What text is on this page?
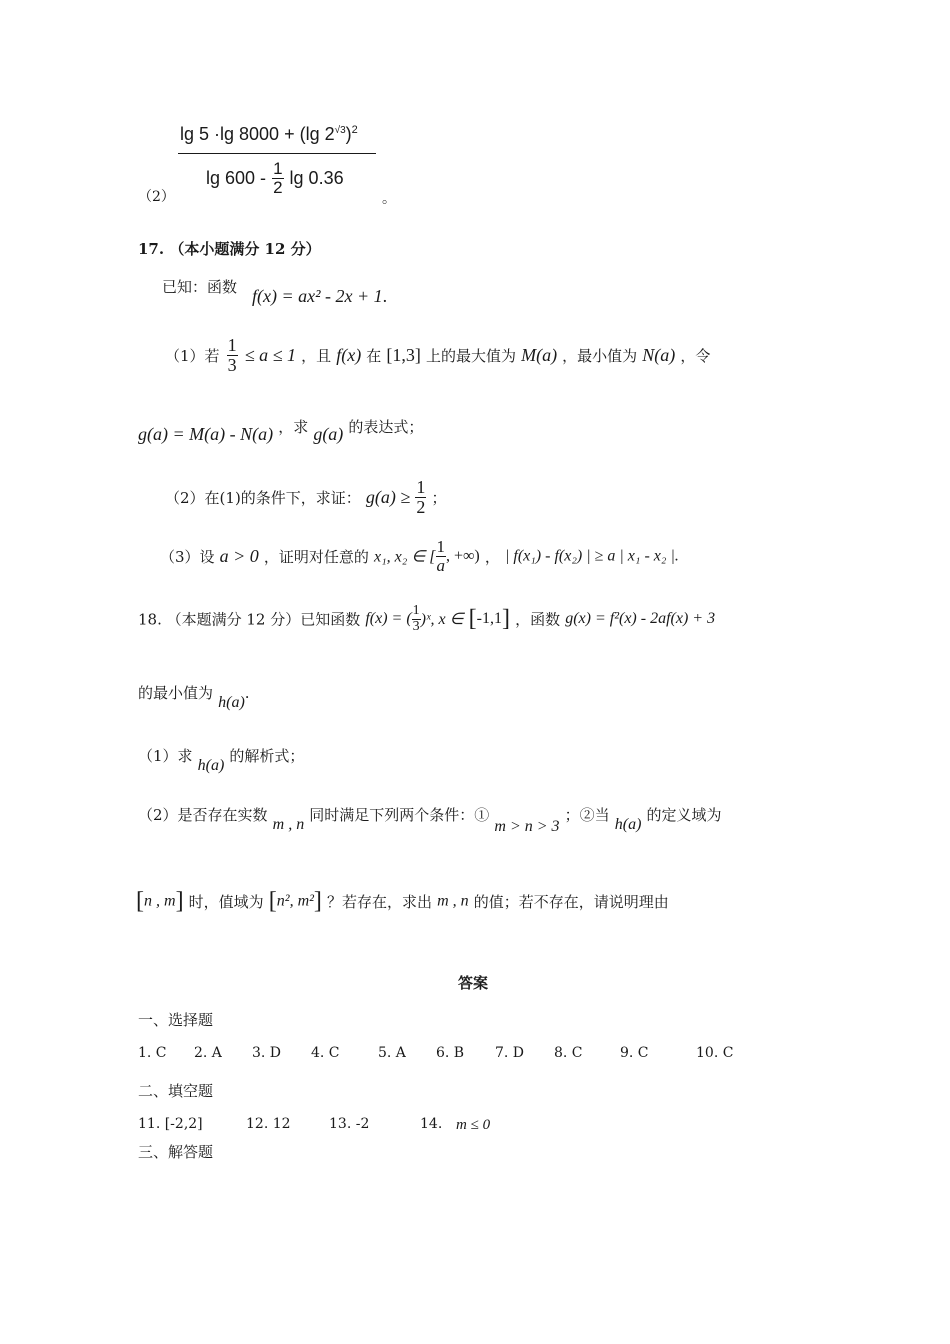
lg 5 ·lg 8000 + (lg $2^{√3})^2$
$\lg 600 - \frac{1}{2}$ lg 0.36
（2）	。
17. （本小题满分 12 分）
已知：函数 f(x) = ax² - 2x + 1.
（1）若 $\frac{1}{3} \le a \le 1$ ，且 f(x) 在 [1,3] 上的最大值为 M(a) ，最小值为 N(a) ，令
g(a) = M(a) - N(a) ，求 g(a) 的表达式；
（2）在(1)的条件下，求证： $g(a) \ge \frac{1}{2}$ ；
（3）设 a > 0 ，证明对任意的 x₁, x₂ ∈ [ $\frac{1}{a}$ , +∞) ， | f(x₁) - f(x₂) | ≥ a | x₁ - x₂ |.
18. （本题满分 12 分）已知函数 f(x) = ( $\frac{1}{3}$ )ˣ, x ∈ [-1,1] ，函数 g(x) = f²(x) - 2af(x) + 3
的最小值为 h(a).
（1）求 h(a) 的解析式；
（2）是否存在实数 m , n 同时满足下列两个条件：① m > n > 3 ；②当 h(a) 的定义域为
[n , m] 时，值域为 [n², m²] ？若存在，求出 m , n 的值；若不存在，请说明理由
答案
一、选择题
1. C 2. A 3. D 4. C	5. A 6. B 7. D 8. C	9. C	10. C
二、填空题
11. [-2,2]	12. 12	13. -2	14. m ≤ 0
三、解答题
